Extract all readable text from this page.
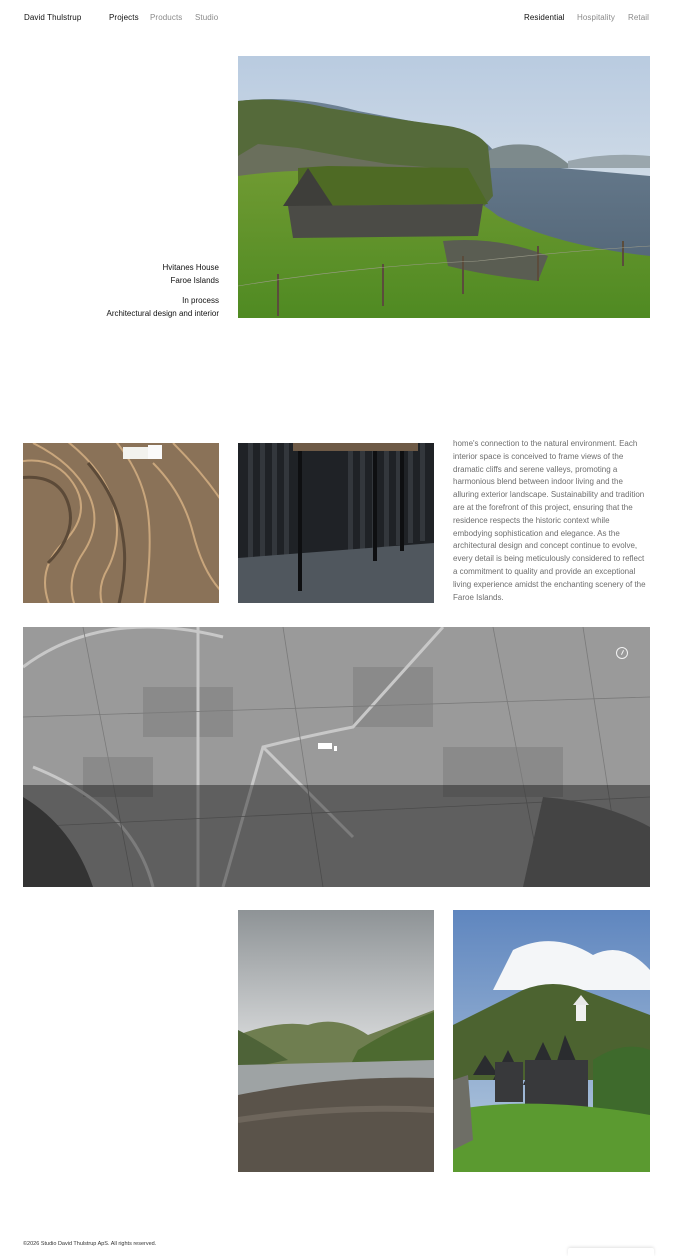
David Thulstrup	Projects Products Studio	Residential Hospitality Retail
Hvitanes House
Faroe Islands
In process
Architectural design and interior
home's connection to the natural environment. Each interior space is conceived to frame views of the dramatic cliffs and serene valleys, promoting a harmonious blend between indoor living and the alluring exterior landscape. Sustainability and tradition are at the forefront of this project, ensuring that the residence respects the historic context while embodying sophistication and elegance. As the architectural design and concept continue to evolve, every detail is being meticulously considered to reflect a commitment to quality and provide an exceptional living experience amidst the enchanting scenery of the Faroe Islands.
©2026 Studio David Thulstrup ApS. All rights reserved.
